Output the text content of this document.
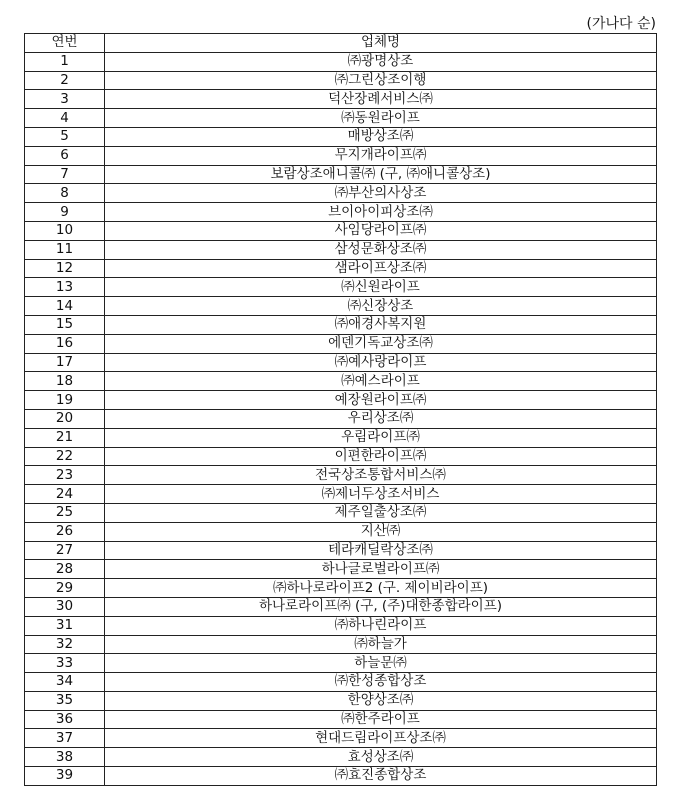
(가나다 순)
연번	업체명
1	㈜광명상조
2	㈜그린상조이행
3	덕산장례서비스㈜
4	㈜동원라이프
5	매방상조㈜
6	무지개라이프㈜
7	보람상조애니콜㈜ (구, ㈜애니콜상조)
8	㈜부산의사상조
9	브이아이피상조㈜
10	사임당라이프㈜
11	삼성문화상조㈜
12	샘라이프상조㈜
13	㈜신원라이프
14	㈜신장상조
15	㈜애경사복지원
16	에덴기독교상조㈜
17	㈜예사랑라이프
18	㈜예스라이프
19	예장원라이프㈜
20	우리상조㈜
21	우림라이프㈜
22	이편한라이프㈜
23	전국상조통합서비스㈜
24	㈜제너두상조서비스
25	제주일출상조㈜
26	지산㈜
27	테라캐딜락상조㈜
28	하나글로벌라이프㈜
29	㈜하나로라이프2 (구. 제이비라이프)
30	하나로라이프㈜ (구, (주)대한종합라이프)
31	㈜하나린라이프
32	㈜하늘가
33	하늘문㈜
34	㈜한성종합상조
35	한양상조㈜
36	㈜한주라이프
37	현대드림라이프상조㈜
38	효성상조㈜
39	㈜효진종합상조
